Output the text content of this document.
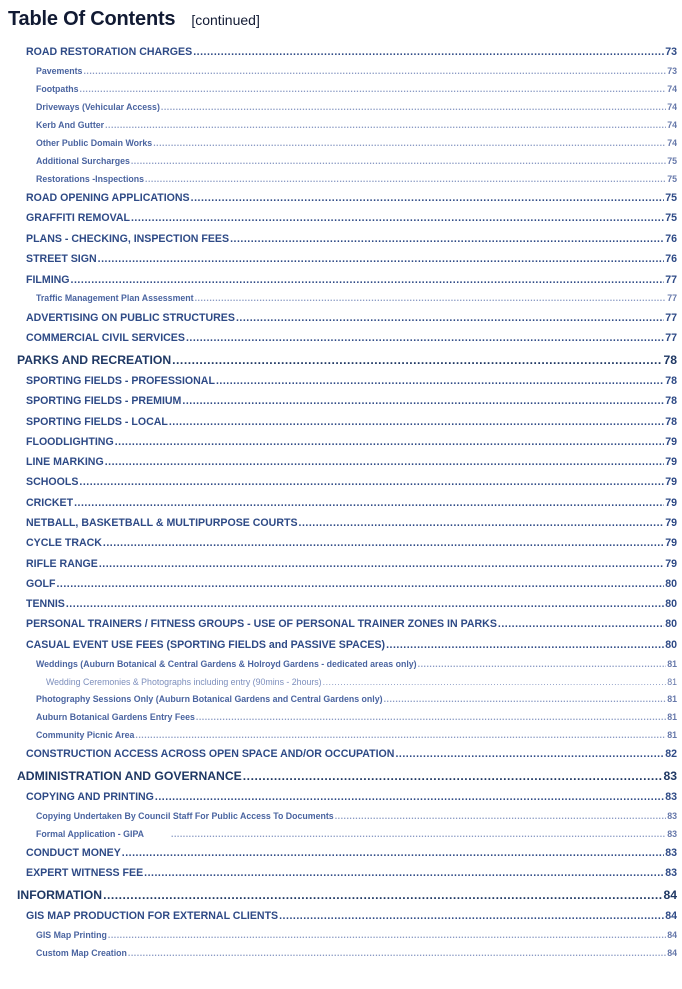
Table Of Contents [continued]
ROAD RESTORATION CHARGES .....	73
Pavements .....	73
Footpaths .....	74
Driveways (Vehicular Access) .....	74
Kerb And Gutter .....	74
Other Public Domain Works .....	74
Additional Surcharges .....	75
Restorations -Inspections .....	75
ROAD OPENING APPLICATIONS .....	75
GRAFFITI REMOVAL .....	75
PLANS - CHECKING, INSPECTION FEES .....	76
STREET SIGN .....	76
FILMING .....	77
Traffic Management Plan Assessment .....	77
ADVERTISING ON PUBLIC STRUCTURES .....	77
COMMERCIAL CIVIL SERVICES .....	77
PARKS AND RECREATION .....	78
SPORTING FIELDS - PROFESSIONAL .....	78
SPORTING FIELDS - PREMIUM .....	78
SPORTING FIELDS - LOCAL .....	78
FLOODLIGHTING .....	79
LINE MARKING .....	79
SCHOOLS .....	79
CRICKET .....	79
NETBALL, BASKETBALL & MULTIPURPOSE COURTS .....	79
CYCLE TRACK .....	79
RIFLE RANGE .....	79
GOLF .....	80
TENNIS .....	80
PERSONAL TRAINERS / FITNESS GROUPS - USE OF PERSONAL TRAINER ZONES IN PARKS .....	80
CASUAL EVENT USE FEES (SPORTING FIELDS and PASSIVE SPACES) .....	80
Weddings (Auburn Botanical & Central Gardens & Holroyd Gardens - dedicated areas only) .....	81
Wedding Ceremonies & Photographs including entry (90mins - 2hours) .....	81
Photography Sessions Only (Auburn Botanical Gardens and Central Gardens only) .....	81
Auburn Botanical Gardens Entry Fees .....	81
Community Picnic Area .....	81
CONSTRUCTION ACCESS ACROSS OPEN SPACE AND/OR OCCUPATION .....	82
ADMINISTRATION AND GOVERNANCE .....	83
COPYING AND PRINTING .....	83
Copying Undertaken By Council Staff For Public Access To Documents .....	83
Formal Application - GIPA .....	83
CONDUCT MONEY .....	83
EXPERT WITNESS FEE .....	83
INFORMATION .....	84
GIS MAP PRODUCTION FOR EXTERNAL CLIENTS .....	84
GIS Map Printing .....	84
Custom Map Creation .....	84
